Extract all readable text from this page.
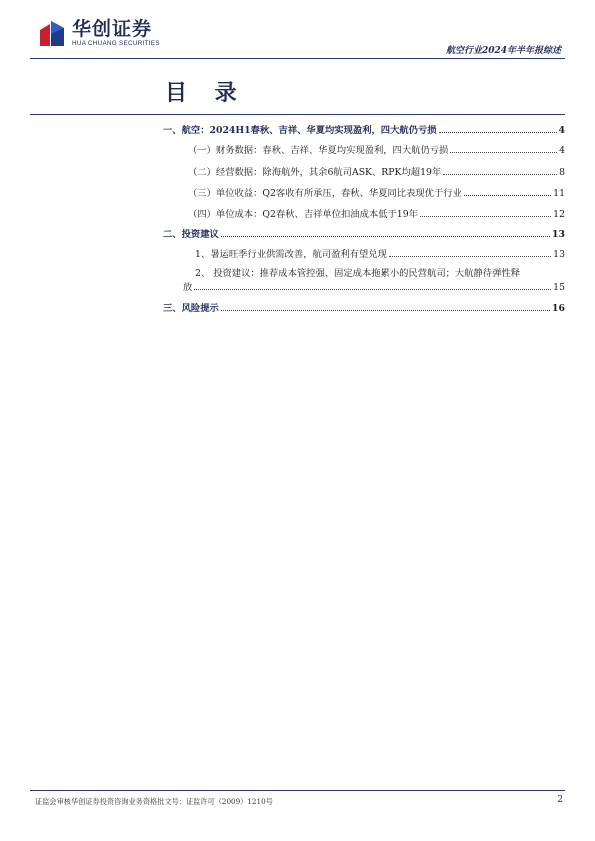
华创证券
HUA CHUANG SECURITIES
航空行业2024年半年报综述
目 录
一、 航空：2024H1春秋、吉祥、华夏均实现盈利，四大航仍亏损	4
（一） 财务数据：春秋、吉祥、华夏均实现盈利，四大航仍亏损	4
（二） 经营数据：除海航外，其余6航司ASK、RPK均超19年	8
（三） 单位收益：Q2客收有所承压，春秋、华夏同比表现优于行业	11
（四） 单位成本：Q2春秋、吉祥单位扣油成本低于19年	12
二、 投资建议	13
1、 暑运旺季行业供需改善，航司盈利有望兑现	13
2、 投资建议：推荐成本管控强、固定成本拖累小的民营航司；大航静待弹性释
放	15
三、 风险提示	16
证监会审核华创证券投资咨询业务资格批文号：证监许可（2009）1210号	2
